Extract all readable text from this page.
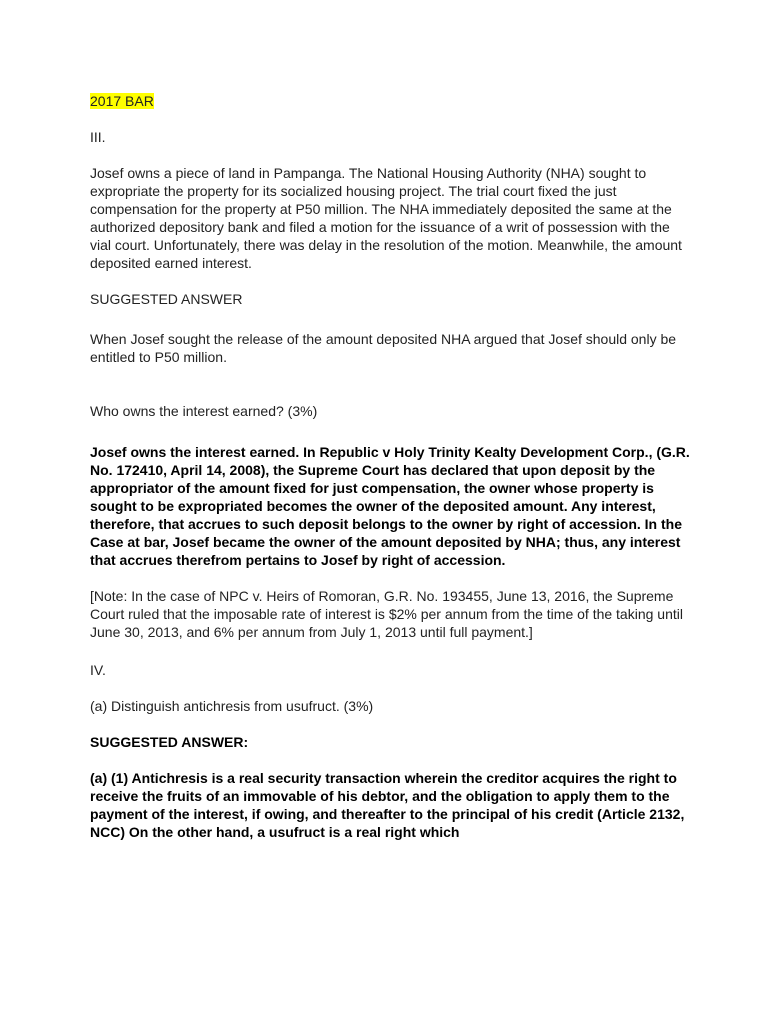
2017 BAR

III.

Josef owns a piece of land in Pampanga. The National Housing Authority (NHA) sought to expropriate the property for its socialized housing project. The trial court fixed the just compensation for the property at P50 million. The NHA immediately deposited the same at the authorized depository bank and filed a motion for the issuance of a writ of possession with the vial court. Unfortunately, there was delay in the resolution of the motion. Meanwhile, the amount deposited earned interest.

SUGGESTED ANSWER

When Josef sought the release of the amount deposited NHA argued that Josef should only be entitled to P50 million.

Who owns the interest earned? (3%)

Josef owns the interest earned. In Republic v Holy Trinity Kealty Development Corp., (G.R. No. 172410, April 14, 2008), the Supreme Court has declared that upon deposit by the appropriator of the amount fixed for just compensation, the owner whose property is sought to be expropriated becomes the owner of the deposited amount. Any interest, therefore, that accrues to such deposit belongs to the owner by right of accession. In the Case at bar, Josef became the owner of the amount deposited by NHA; thus, any interest that accrues therefrom pertains to Josef by right of accession.

[Note: In the case of NPC v. Heirs of Romoran, G.R. No. 193455, June 13, 2016, the Supreme Court ruled that the imposable rate of interest is $2% per annum from the time of the taking until June 30, 2013, and 6% per annum from July 1, 2013 until full payment.]

IV.

(a) Distinguish antichresis from usufruct. (3%)

SUGGESTED ANSWER:

(a) (1) Antichresis is a real security transaction wherein the creditor acquires the right to receive the fruits of an immovable of his debtor, and the obligation to apply them to the payment of the interest, if owing, and thereafter to the principal of his credit (Article 2132, NCC) On the other hand, a usufruct is a real right which
